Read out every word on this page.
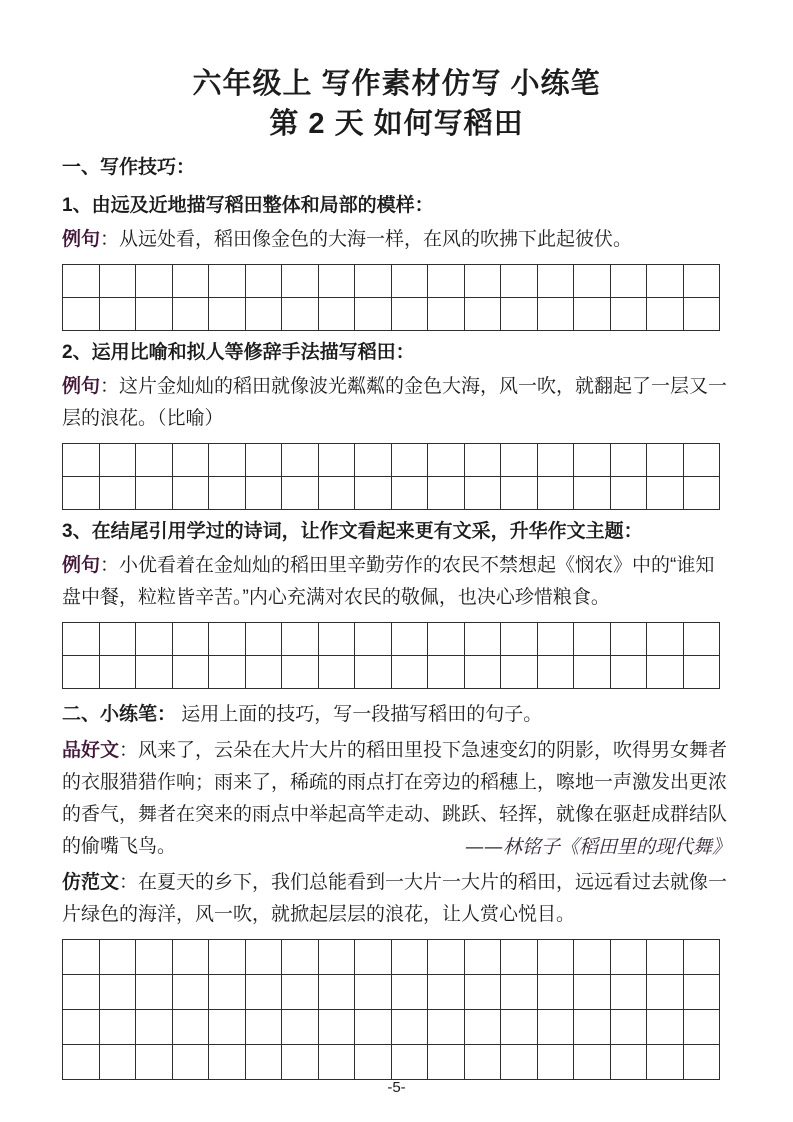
六年级上 写作素材仿写 小练笔
第 2 天 如何写稻田
一、写作技巧：
1、由远及近地描写稻田整体和局部的模样：
例句：从远处看，稻田像金色的大海一样，在风的吹拂下此起彼伏。
2、运用比喻和拟人等修辞手法描写稻田：
例句：这片金灿灿的稻田就像波光粼粼的金色大海，风一吹，就翻起了一层又一层的浪花。（比喻）
3、在结尾引用学过的诗词，让作文看起来更有文采，升华作文主题：
例句：小优看着在金灿灿的稻田里辛勤劳作的农民不禁想起《悯农》中的“谁知盘中餐，粒粒皆辛苦。”内心充满对农民的敬佩，也决心珍惜粮食。
二、小练笔： 运用上面的技巧，写一段描写稻田的句子。
品好文：风来了，云朵在大片大片的稻田里投下急速变幻的阴影，吹得男女舞者的衣服猎猎作响；雨来了，稀疏的雨点打在旁边的稻穗上，嚓地一声激发出更浓的香气，舞者在突来的雨点中举起高竿走动、跳跃、轻挥，就像在驱赶成群结队的偷嘴飞鸟。	——林铭子《稻田里的现代舞》
仿范文：在夏天的乡下，我们总能看到一大片一大片的稻田，远远看过去就像一片绿色的海洋，风一吹，就掀起层层的浪花，让人赏心悦目。
-5-
